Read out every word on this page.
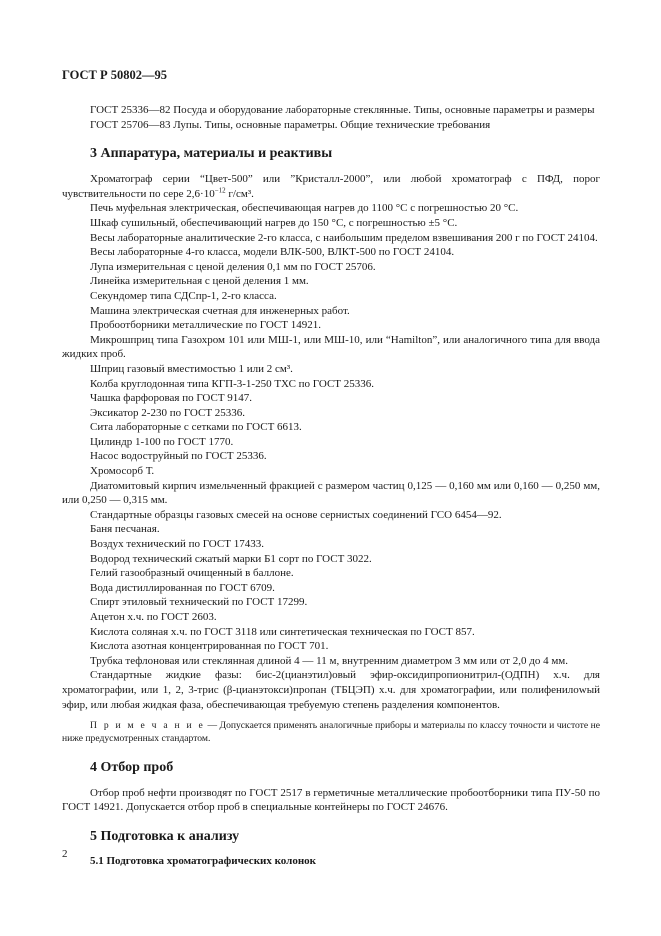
ГОСТ Р 50802—95

ГОСТ 25336—82 Посуда и оборудование лабораторные стеклянные. Типы, основные параметры и размеры

ГОСТ 25706—83 Лупы. Типы, основные параметры. Общие технические требования

3 Аппаратура, материалы и реактивы

Хроматограф серии “Цвет-500” или ”Кристалл-2000”, или любой хроматограф с ПФД, порог чувствительности по сере $2,6\cdot 10^{-12}$ г/см³.

Печь муфельная электрическая, обеспечивающая нагрев до 1100 °С с погрешностью 20 °С.

Шкаф сушильный, обеспечивающий нагрев до 150 °С, с погрешностью ±5 °С.

Весы лабораторные аналитические 2-го класса, с наибольшим пределом взвешивания 200 г по ГОСТ 24104.

Весы лабораторные 4-го класса, модели ВЛК-500, ВЛКТ-500 по ГОСТ 24104.

Лупа измерительная с ценой деления 0,1 мм по ГОСТ 25706.

Линейка измерительная с ценой деления 1 мм.

Секундомер типа СДСпр-1, 2-го класса.

Машина электрическая счетная для инженерных работ.

Пробоотборники металлические по ГОСТ 14921.

Микрошприц типа Газохром 101 или МШ-1, или МШ-10, или “Hamilton”, или аналогичного типа для ввода жидких проб.

Шприц газовый вместимостью 1 или 2 см³.

Колба круглодонная типа КГП-3-1-250 ТХС по ГОСТ 25336.

Чашка фарфоровая по ГОСТ 9147.

Эксикатор 2-230 по ГОСТ 25336.

Сита лабораторные с сетками по ГОСТ 6613.

Цилиндр 1-100 по ГОСТ 1770.

Насос водоструйный по ГОСТ 25336.

Хромосорб Т.

Диатомитовый кирпич измельченный фракцией с размером частиц 0,125 — 0,160 мм или 0,160 — 0,250 мм, или 0,250 — 0,315 мм.

Стандартные образцы газовых смесей на основе сернистых соединений ГСО 6454—92.

Баня песчаная.

Воздух технический по ГОСТ 17433.

Водород технический сжатый марки Б1 сорт по ГОСТ 3022.

Гелий газообразный очищенный в баллоне.

Вода дистиллированная по ГОСТ 6709.

Спирт этиловый технический по ГОСТ 17299.

Ацетон х.ч. по ГОСТ 2603.

Кислота соляная х.ч. по ГОСТ 3118 или синтетическая техническая по ГОСТ 857.

Кислота азотная концентрированная по ГОСТ 701.

Трубка тефлоновая или стеклянная длиной 4 — 11 м, внутренним диаметром 3 мм или от 2,0 до 4 мм.

Стандартные жидкие фазы: бис-2(цианэтил)овый эфир-оксидипропионитрил-(ОДПН) х.ч. для хроматографии, или 1, 2, 3-трис (β-цианэтокси)пропан (ТБЦЭП) х.ч. для хроматографии, или полифенилowый эфир, или любая жидкая фаза, обеспечивающая требуемую степень разделения компонентов.

П р и м е ч а н и е — Допускается применять аналогичные приборы и материалы по классу точности и чистоте не ниже предусмотренных стандартом.
4 Отбор проб

Отбор проб нефти производят по ГОСТ 2517 в герметичные металлические пробоотборники типа ПУ-50 по ГОСТ 14921. Допускается отбор проб в специальные контейнеры по ГОСТ 24676.

5 Подготовка к анализу
5.1 Подготовка хроматографических колонок
2
